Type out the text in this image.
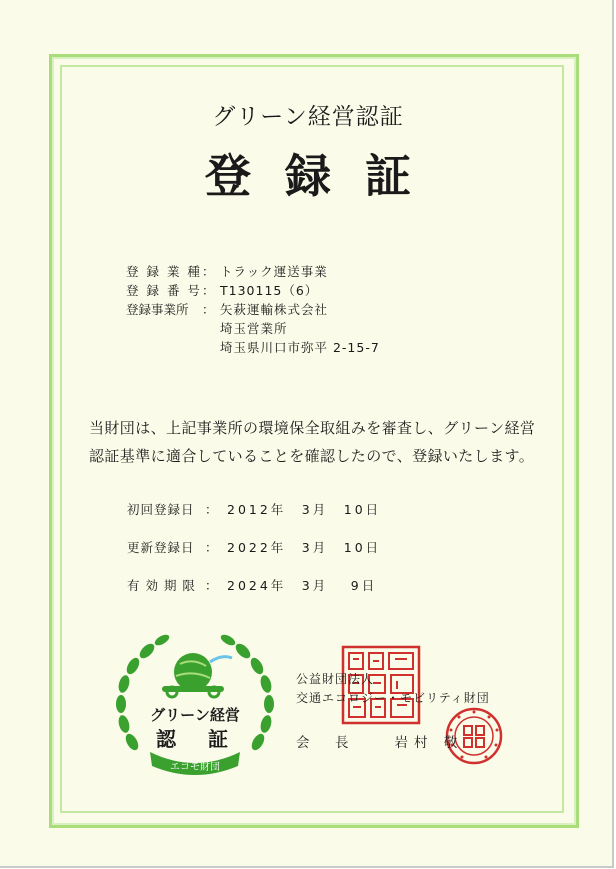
グリーン経営認証
登録証
登 録 業 種 ： トラック運送事業
登 録 番 号 ： T130115（6）
登録事業所	： 矢萩運輸株式会社
埼玉営業所
埼玉県川口市弥平 2-15-7
当財団は、上記事業所の環境保全取組みを審査し、グリーン経営
認証基準に適合していることを確認したので、登録いたします。
初回登録日 ： 2012年　3月　10日
更新登録日 ： 2022年　3月　10日
有 効 期 限 ： 2024年　3月　 9日
グリーン経営
認　証
エコモ財団
公益財団法人
交通エコロジー・モビリティ財団
会　長	岩村 敬
